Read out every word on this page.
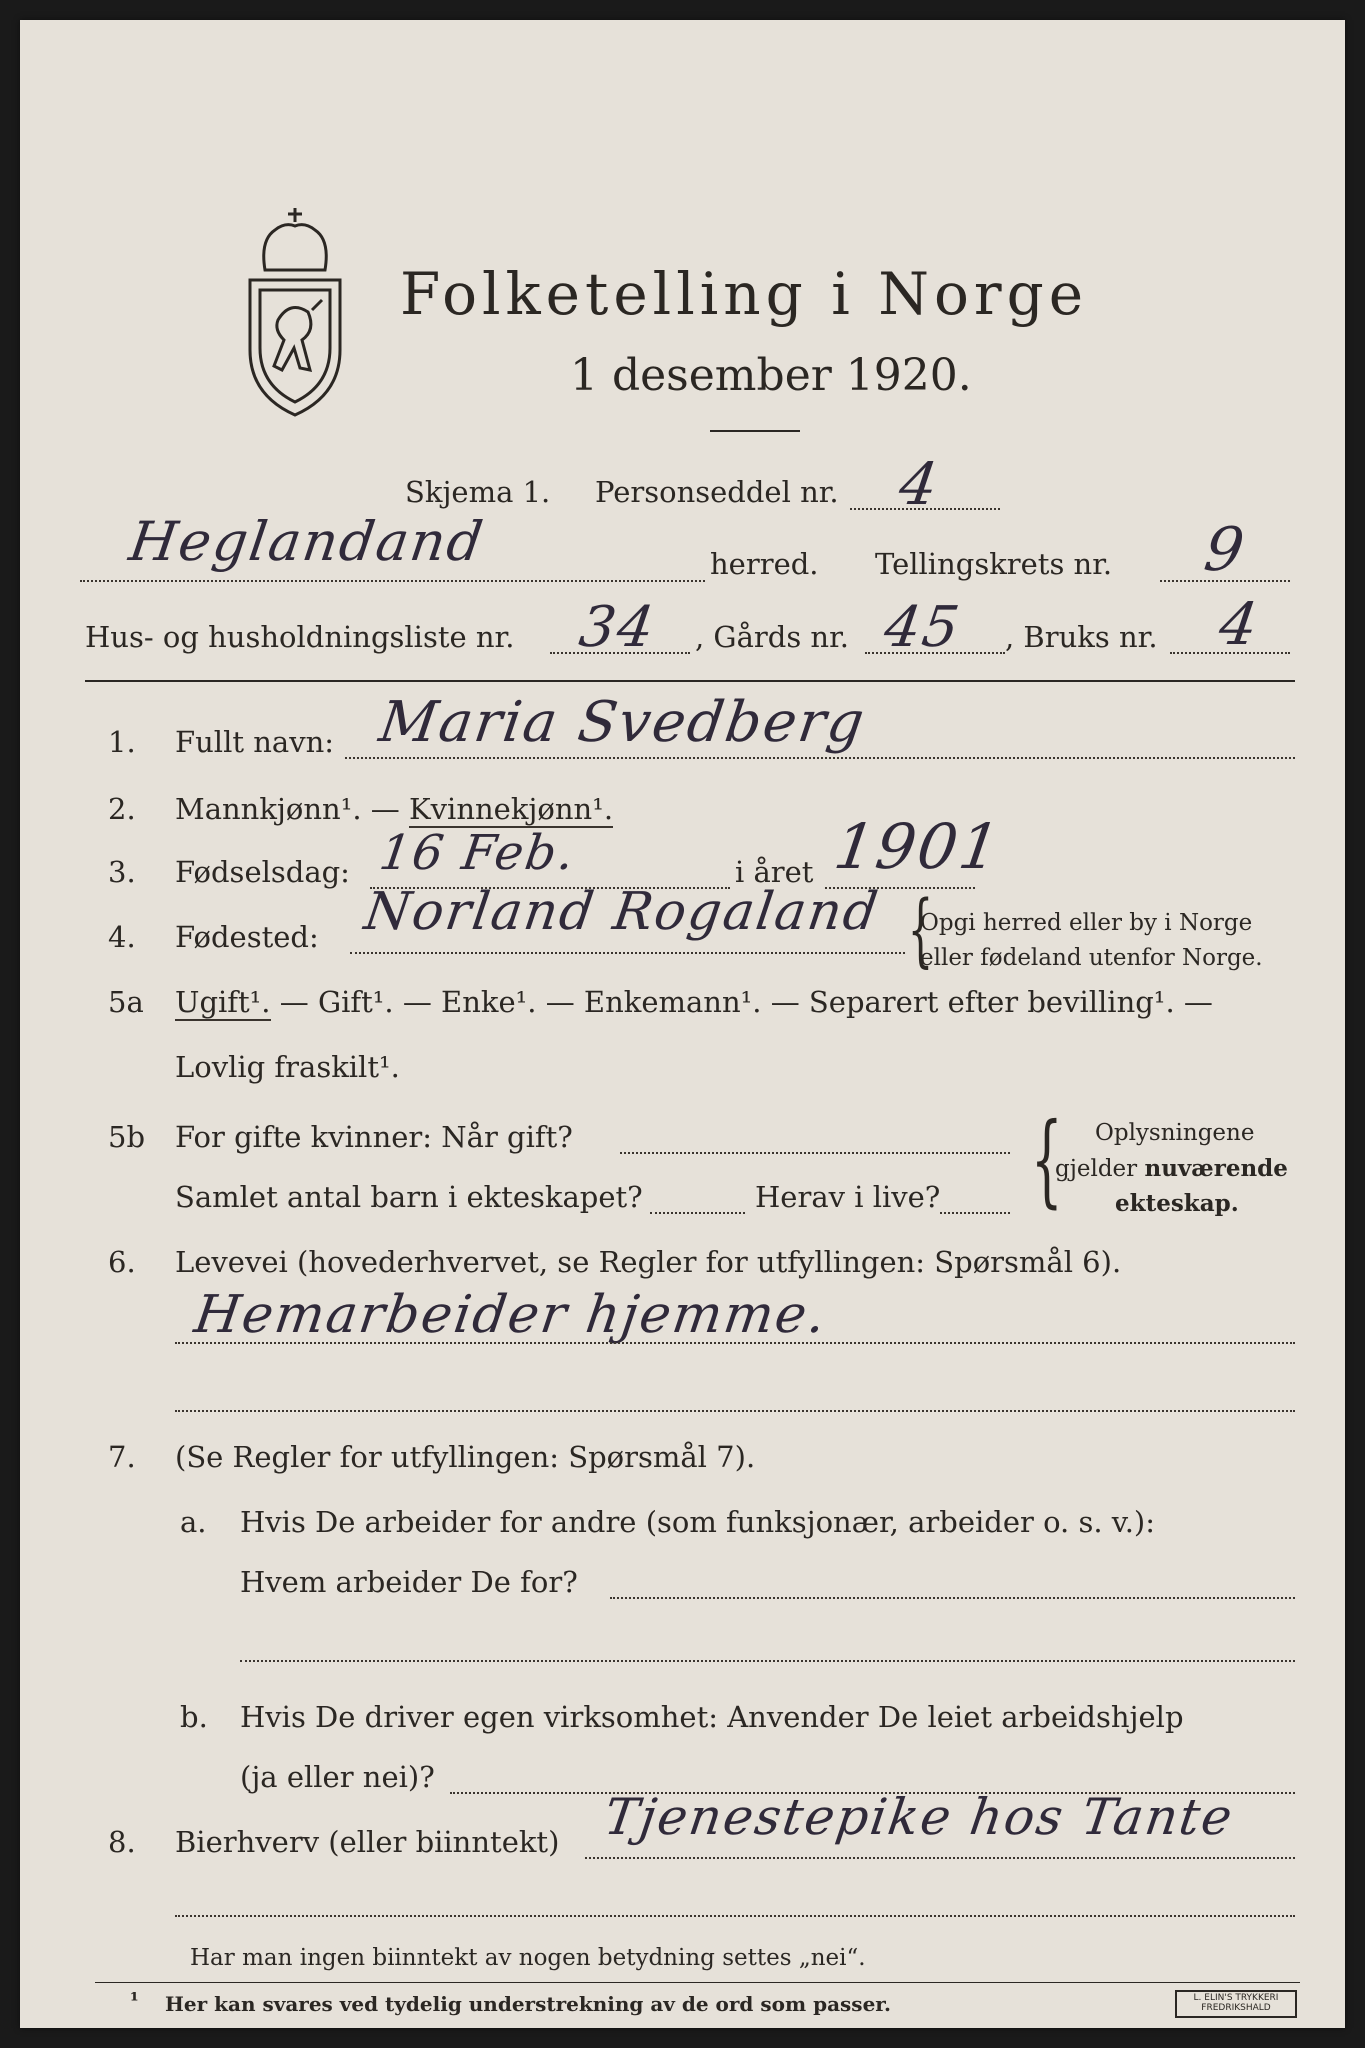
Folketelling i Norge
1 desember 1920.
Skjema 1. Personseddel nr. 4
Heglandand	herred. Tellingskrets nr. 9
Hus- og husholdningsliste nr. 34 , Gårds nr. 45 , Bruks nr. 4
1. Fullt navn: Maria Svedberg
2. Mannkjønn¹. — Kvinnekjønn¹.
3. Fødselsdag: 16 Feb.	i året 1901
4. Fødested: Norland Rogaland {
Opgi herred eller by i Norge
eller fødeland utenfor Norge.
5a Ugift¹. — Gift¹. — Enke¹. — Enkemann¹. — Separert efter bevilling¹. —
Lovlig fraskilt¹.
5b For gifte kvinner: Når gift?
Samlet antal barn i ekteskapet?	Herav i live? { Oplysningene
gjelder nuværende
ekteskap.
6. Levevei (hovederhvervet, se Regler for utfyllingen: Spørsmål 6).
Hemarbeider hjemme.
7. (Se Regler for utfyllingen: Spørsmål 7).
a. Hvis De arbeider for andre (som funksjonær, arbeider o. s. v.):
Hvem arbeider De for?
b. Hvis De driver egen virksomhet: Anvender De leiet arbeidshjelp
(ja eller nei)?
8. Bierhverv (eller biinntekt) Tjenestepike hos Tante
Har man ingen biinntekt av nogen betydning settes „nei“.
¹ Her kan svares ved tydelig understrekning av de ord som passer.	L. ELIN'S TRYKKERI
FREDRIKSHALD
